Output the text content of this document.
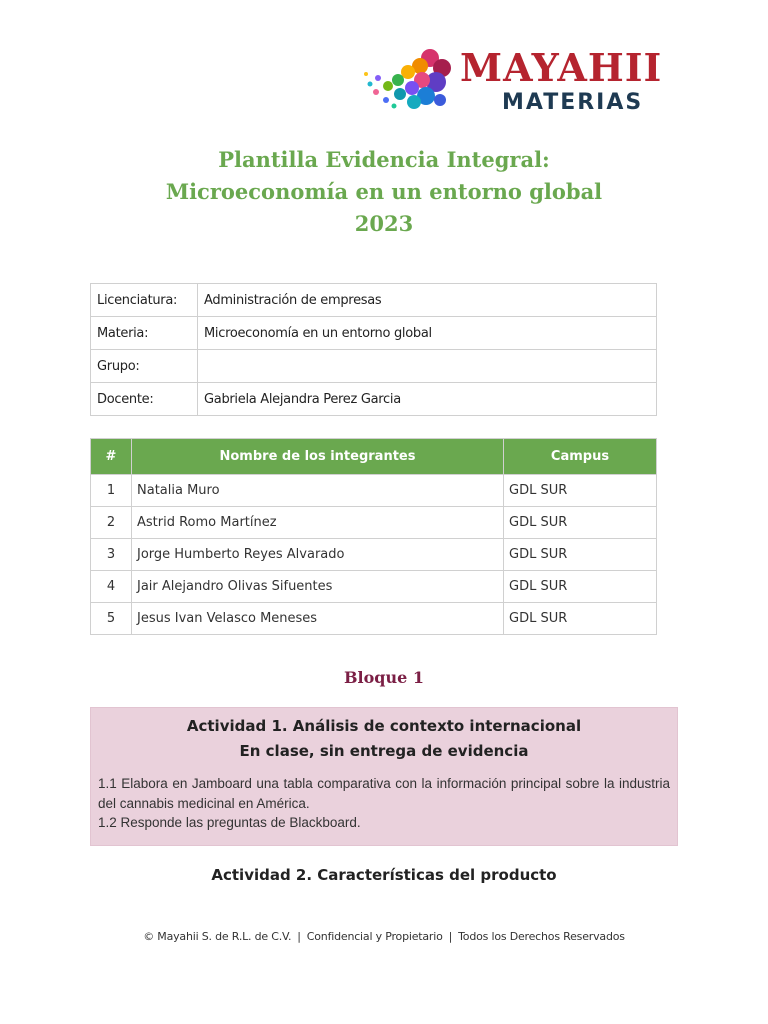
MAYAHII
MATERIAS
Plantilla Evidencia Integral:
Microeconomía en un entorno global
2023
Licenciatura:	Administración de empresas
Materia:	Microeconomía en un entorno global
Grupo:	
Docente:	Gabriela Alejandra Perez Garcia
#	Nombre de los integrantes	Campus
1	Natalia Muro	GDL SUR
2	Astrid Romo Martínez	GDL SUR
3	Jorge Humberto Reyes Alvarado	GDL SUR
4	Jair Alejandro Olivas Sifuentes	GDL SUR
5	Jesus Ivan Velasco Meneses	GDL SUR
Bloque 1
Actividad 1. Análisis de contexto internacional
En clase, sin entrega de evidencia
1.1 Elabora en Jamboard una tabla comparativa con la información principal sobre la industria del cannabis medicinal en América.
1.2 Responde las preguntas de Blackboard.
Actividad 2. Características del producto
© Mayahii S. de R.L. de C.V. | Confidencial y Propietario | Todos los Derechos Reservados
